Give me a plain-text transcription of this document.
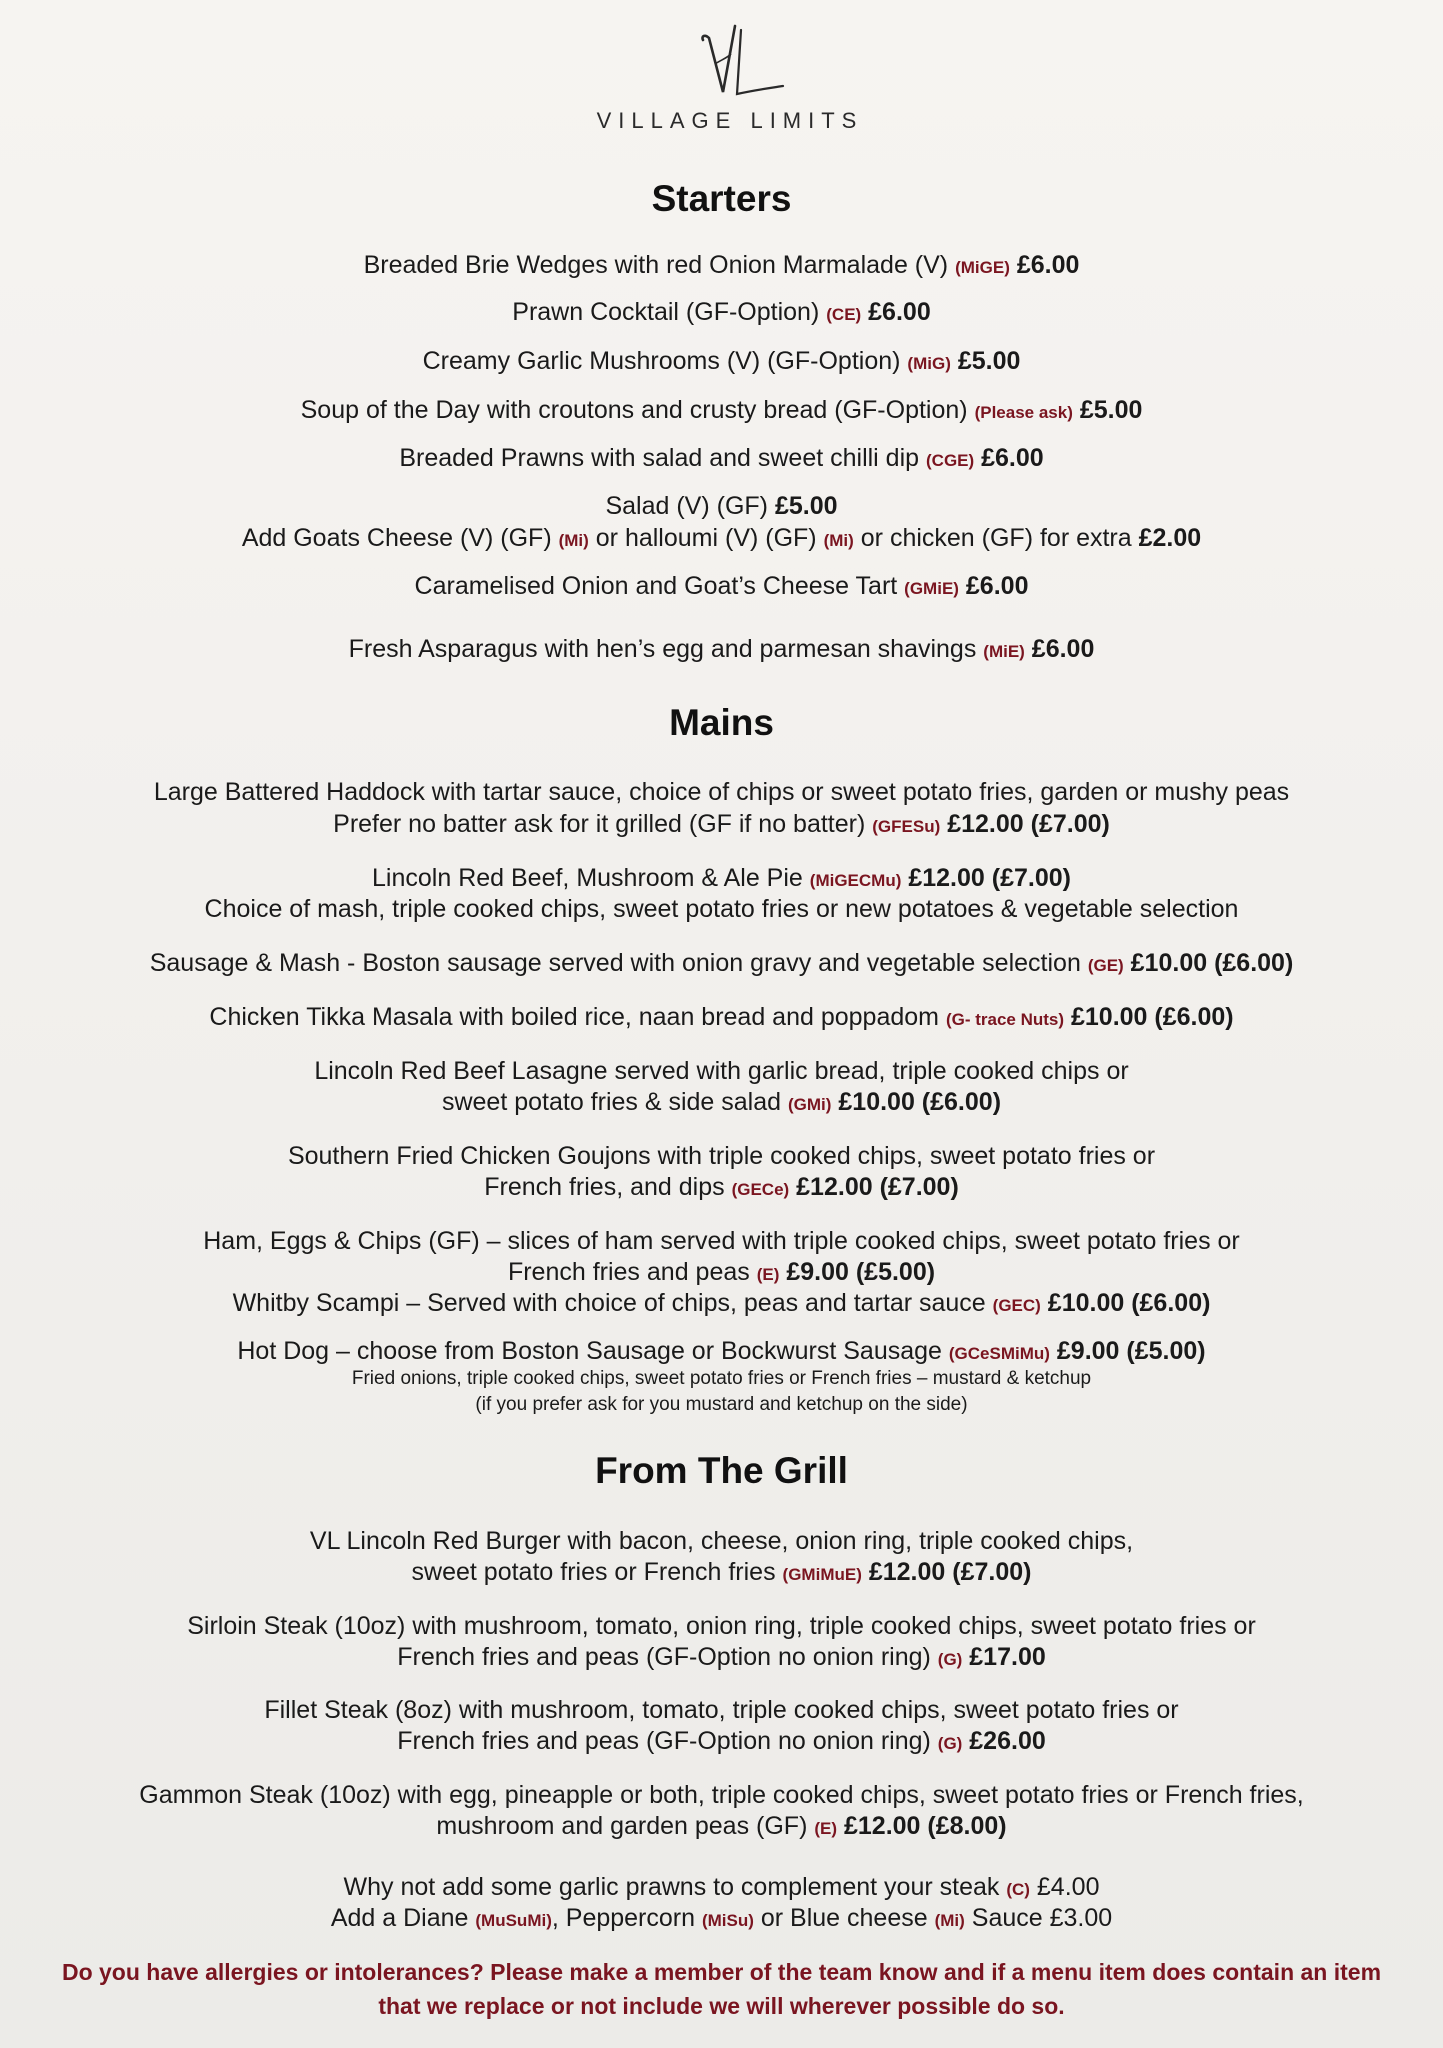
VILLAGE LIMITS
Starters
Breaded Brie Wedges with red Onion Marmalade (V) (MiGE) £6.00
Prawn Cocktail (GF-Option) (CE) £6.00
Creamy Garlic Mushrooms (V) (GF-Option) (MiG) £5.00
Soup of the Day with croutons and crusty bread (GF-Option) (Please ask) £5.00
Breaded Prawns with salad and sweet chilli dip (CGE) £6.00
Salad (V) (GF) £5.00
Add Goats Cheese (V) (GF) (Mi) or halloumi (V) (GF) (Mi) or chicken (GF) for extra £2.00
Caramelised Onion and Goat’s Cheese Tart (GMiE) £6.00
Fresh Asparagus with hen’s egg and parmesan shavings (MiE) £6.00
Mains
Large Battered Haddock with tartar sauce, choice of chips or sweet potato fries, garden or mushy peas
Prefer no batter ask for it grilled (GF if no batter) (GFESu) £12.00 (£7.00)
Lincoln Red Beef, Mushroom & Ale Pie (MiGECMu) £12.00 (£7.00)
Choice of mash, triple cooked chips, sweet potato fries or new potatoes & vegetable selection
Sausage & Mash - Boston sausage served with onion gravy and vegetable selection (GE) £10.00 (£6.00)
Chicken Tikka Masala with boiled rice, naan bread and poppadom (G- trace Nuts) £10.00 (£6.00)
Lincoln Red Beef Lasagne served with garlic bread, triple cooked chips or
sweet potato fries & side salad (GMi) £10.00 (£6.00)
Southern Fried Chicken Goujons with triple cooked chips, sweet potato fries or
French fries, and dips (GECe) £12.00 (£7.00)
Ham, Eggs & Chips (GF) – slices of ham served with triple cooked chips, sweet potato fries or
French fries and peas (E) £9.00 (£5.00)
Whitby Scampi – Served with choice of chips, peas and tartar sauce (GEC) £10.00 (£6.00)
Hot Dog – choose from Boston Sausage or Bockwurst Sausage (GCeSMiMu) £9.00 (£5.00)
Fried onions, triple cooked chips, sweet potato fries or French fries – mustard & ketchup
(if you prefer ask for you mustard and ketchup on the side)
From The Grill
VL Lincoln Red Burger with bacon, cheese, onion ring, triple cooked chips,
sweet potato fries or French fries (GMiMuE) £12.00 (£7.00)
Sirloin Steak (10oz) with mushroom, tomato, onion ring, triple cooked chips, sweet potato fries or
French fries and peas (GF-Option no onion ring) (G) £17.00
Fillet Steak (8oz) with mushroom, tomato, triple cooked chips, sweet potato fries or
French fries and peas (GF-Option no onion ring) (G) £26.00
Gammon Steak (10oz) with egg, pineapple or both, triple cooked chips, sweet potato fries or French fries,
mushroom and garden peas (GF) (E) £12.00 (£8.00)
Why not add some garlic prawns to complement your steak (C) £4.00
Add a Diane (MuSuMi), Peppercorn (MiSu) or Blue cheese (Mi) Sauce £3.00
Do you have allergies or intolerances? Please make a member of the team know and if a menu item does contain an item
that we replace or not include we will wherever possible do so.
